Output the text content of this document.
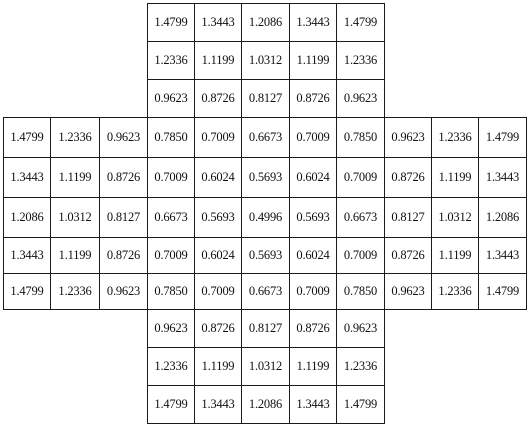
1.4799	1.3443	1.2086	1.3443	1.4799
1.2336	1.1199	1.0312	1.1199	1.2336
0.9623	0.8726	0.8127	0.8726	0.9623
1.4799	1.2336	0.9623	0.7850	0.7009	0.6673	0.7009	0.7850	0.9623	1.2336	1.4799
1.3443	1.1199	0.8726	0.7009	0.6024	0.5693	0.6024	0.7009	0.8726	1.1199	1.3443
1.2086	1.0312	0.8127	0.6673	0.5693	0.4996	0.5693	0.6673	0.8127	1.0312	1.2086
1.3443	1.1199	0.8726	0.7009	0.6024	0.5693	0.6024	0.7009	0.8726	1.1199	1.3443
1.4799	1.2336	0.9623	0.7850	0.7009	0.6673	0.7009	0.7850	0.9623	1.2336	1.4799
0.9623	0.8726	0.8127	0.8726	0.9623
1.2336	1.1199	1.0312	1.1199	1.2336
1.4799	1.3443	1.2086	1.3443	1.4799
